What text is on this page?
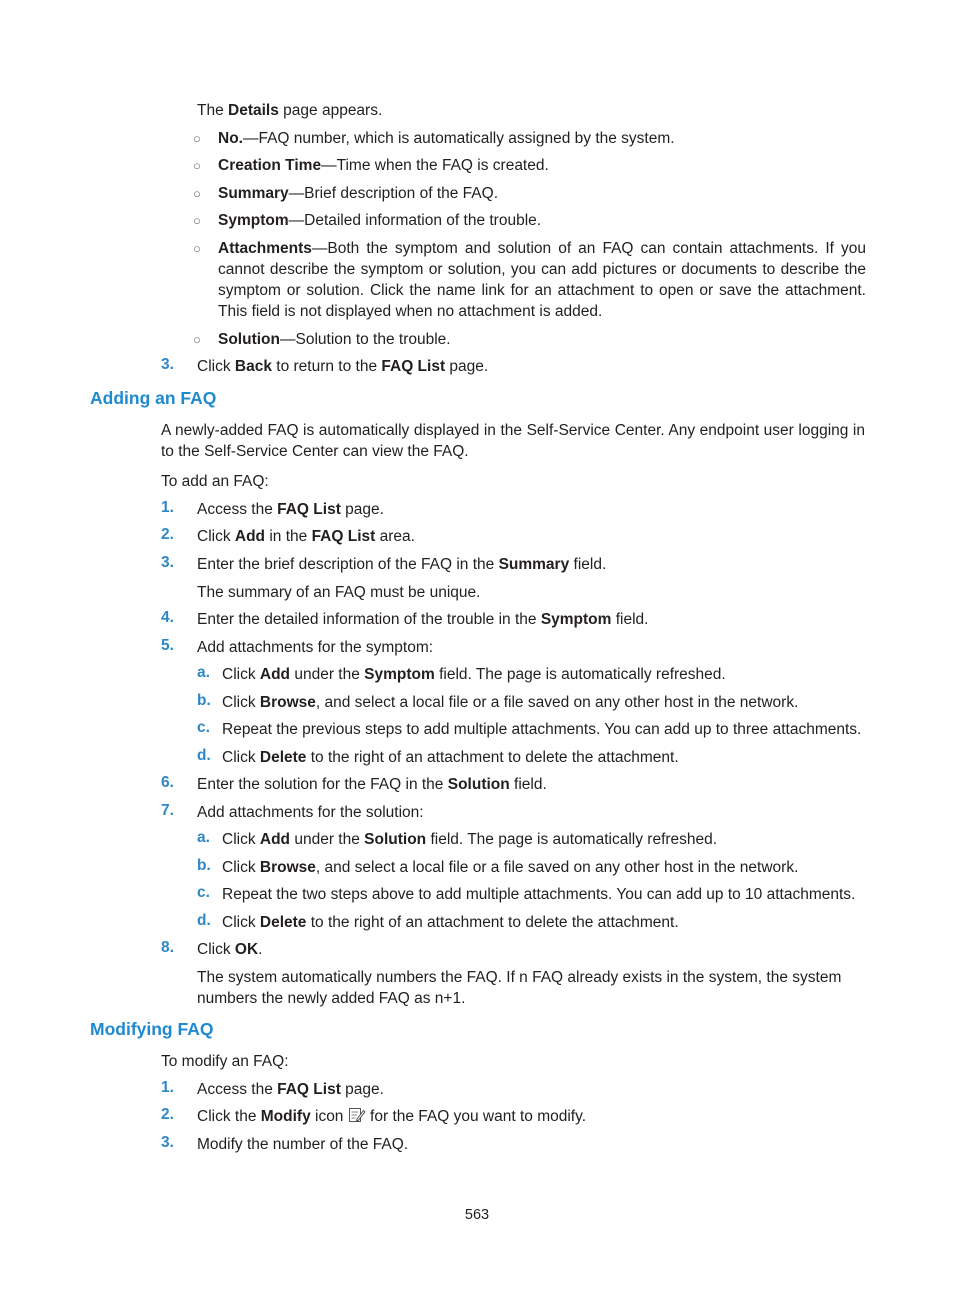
The Details page appears.
○ No.—FAQ number, which is automatically assigned by the system.
○ Creation Time—Time when the FAQ is created.
○ Summary—Brief description of the FAQ.
○ Symptom—Detailed information of the trouble.
○ Attachments—Both the symptom and solution of an FAQ can contain attachments. If you cannot describe the symptom or solution, you can add pictures or documents to describe the symptom or solution. Click the name link for an attachment to open or save the attachment. This field is not displayed when no attachment is added.
○ Solution—Solution to the trouble.
3. Click Back to return to the FAQ List page.
Adding an FAQ
A newly-added FAQ is automatically displayed in the Self-Service Center. Any endpoint user logging in to the Self-Service Center can view the FAQ.
To add an FAQ:
1. Access the FAQ List page.
2. Click Add in the FAQ List area.
3. Enter the brief description of the FAQ in the Summary field.
The summary of an FAQ must be unique.
4. Enter the detailed information of the trouble in the Symptom field.
5. Add attachments for the symptom:
a. Click Add under the Symptom field. The page is automatically refreshed.
b. Click Browse, and select a local file or a file saved on any other host in the network.
c. Repeat the previous steps to add multiple attachments. You can add up to three attachments.
d. Click Delete to the right of an attachment to delete the attachment.
6. Enter the solution for the FAQ in the Solution field.
7. Add attachments for the solution:
a. Click Add under the Solution field. The page is automatically refreshed.
b. Click Browse, and select a local file or a file saved on any other host in the network.
c. Repeat the two steps above to add multiple attachments. You can add up to 10 attachments.
d. Click Delete to the right of an attachment to delete the attachment.
8. Click OK.
The system automatically numbers the FAQ. If n FAQ already exists in the system, the system numbers the newly added FAQ as n+1.
Modifying FAQ
To modify an FAQ:
1. Access the FAQ List page.
2. Click the Modify icon  for the FAQ you want to modify.
3. Modify the number of the FAQ.
563
